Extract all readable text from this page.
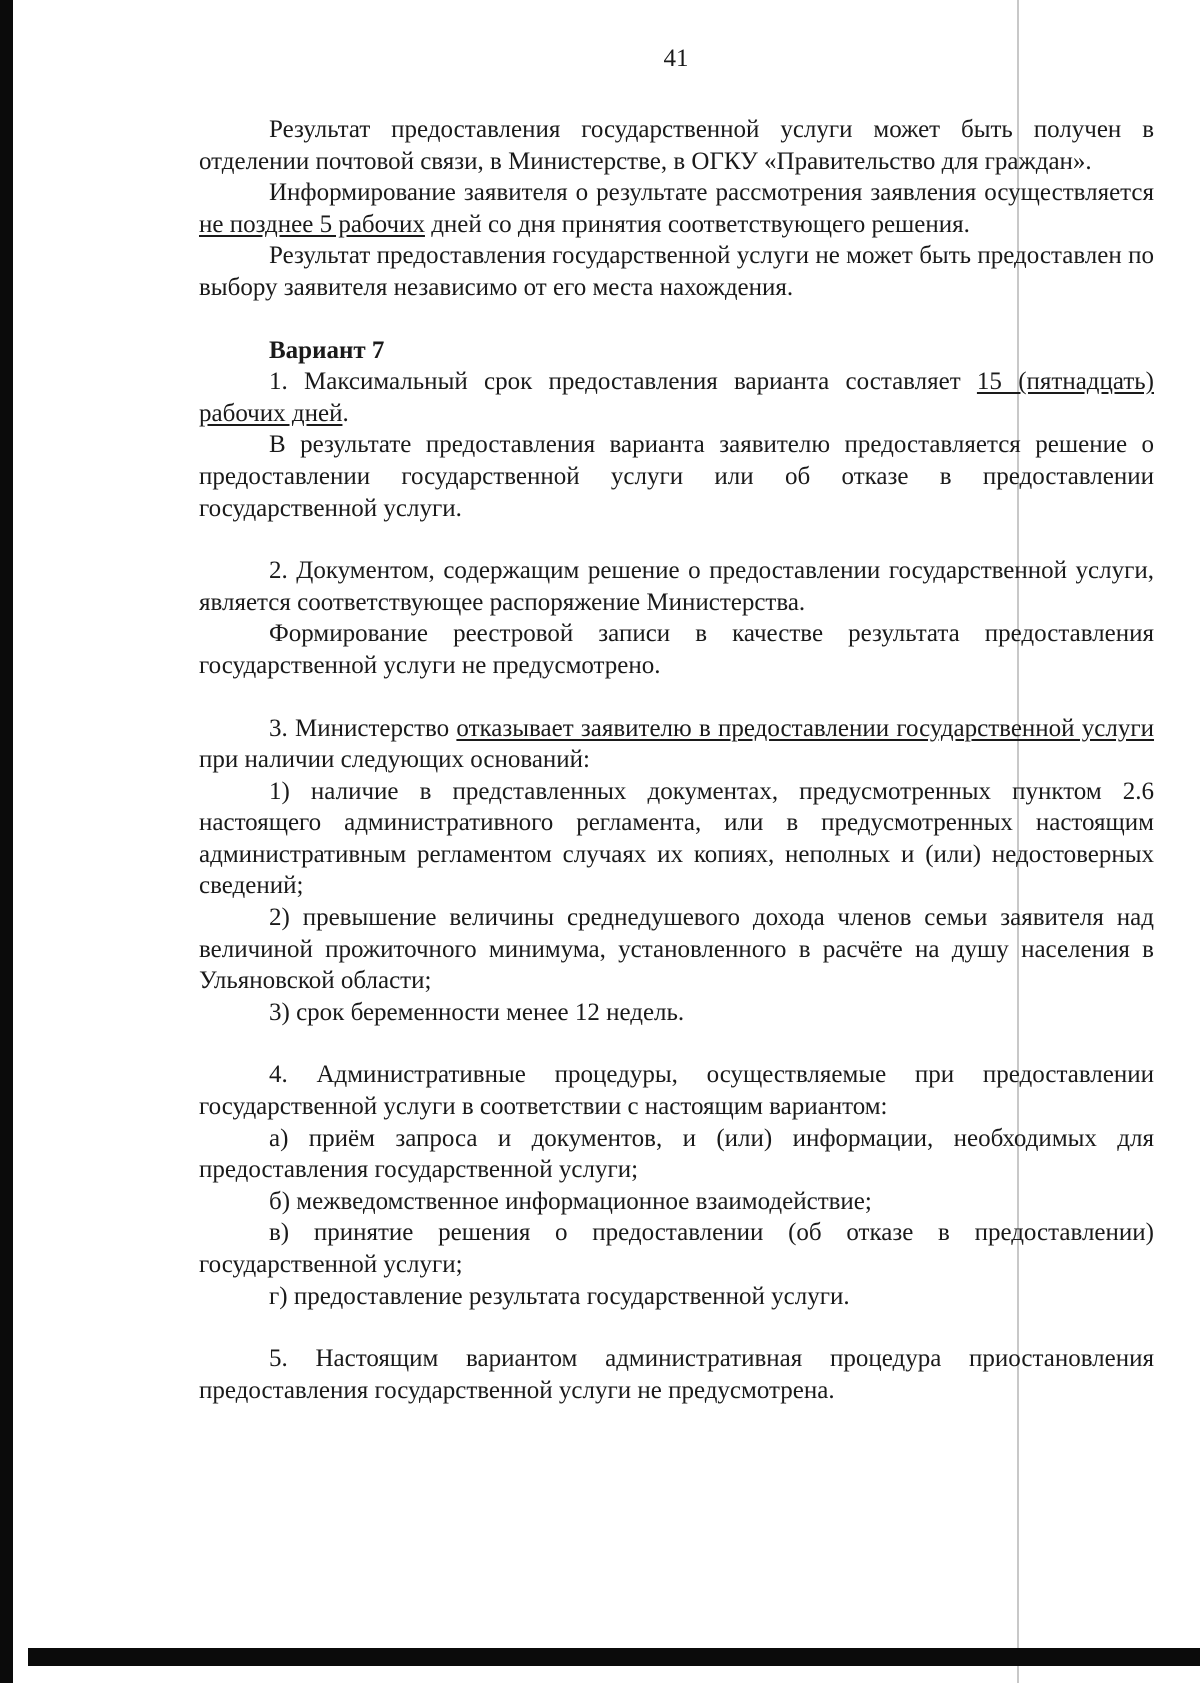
41

Результат предоставления государственной услуги может быть получен в отделении почтовой связи, в Министерстве, в ОГКУ «Правительство для граждан».

Информирование заявителя о результате рассмотрения заявления осуществляется не позднее 5 рабочих дней со дня принятия соответствующего решения.

Результат предоставления государственной услуги не может быть предоставлен по выбору заявителя независимо от его места нахождения.

Вариант 7

1. Максимальный срок предоставления варианта составляет 15 (пятнадцать) рабочих дней.

В результате предоставления варианта заявителю предоставляется решение о предоставлении государственной услуги или об отказе в предоставлении государственной услуги.

2. Документом, содержащим решение о предоставлении государственной услуги, является соответствующее распоряжение Министерства.

Формирование реестровой записи в качестве результата предоставления государственной услуги не предусмотрено.

3. Министерство отказывает заявителю в предоставлении государственной услуги при наличии следующих оснований:

1) наличие в представленных документах, предусмотренных пунктом 2.6 настоящего административного регламента, или в предусмотренных настоящим административным регламентом случаях их копиях, неполных и (или) недостоверных сведений;

2) превышение величины среднедушевого дохода членов семьи заявителя над величиной прожиточного минимума, установленного в расчёте на душу населения в Ульяновской области;

3) срок беременности менее 12 недель.

4. Административные процедуры, осуществляемые при предоставлении государственной услуги в соответствии с настоящим вариантом:

а) приём запроса и документов, и (или) информации, необходимых для предоставления государственной услуги;

б) межведомственное информационное взаимодействие;

в) принятие решения о предоставлении (об отказе в предоставлении) государственной услуги;

г) предоставление результата государственной услуги.

5. Настоящим вариантом административная процедура приостановления предоставления государственной услуги не предусмотрена.
